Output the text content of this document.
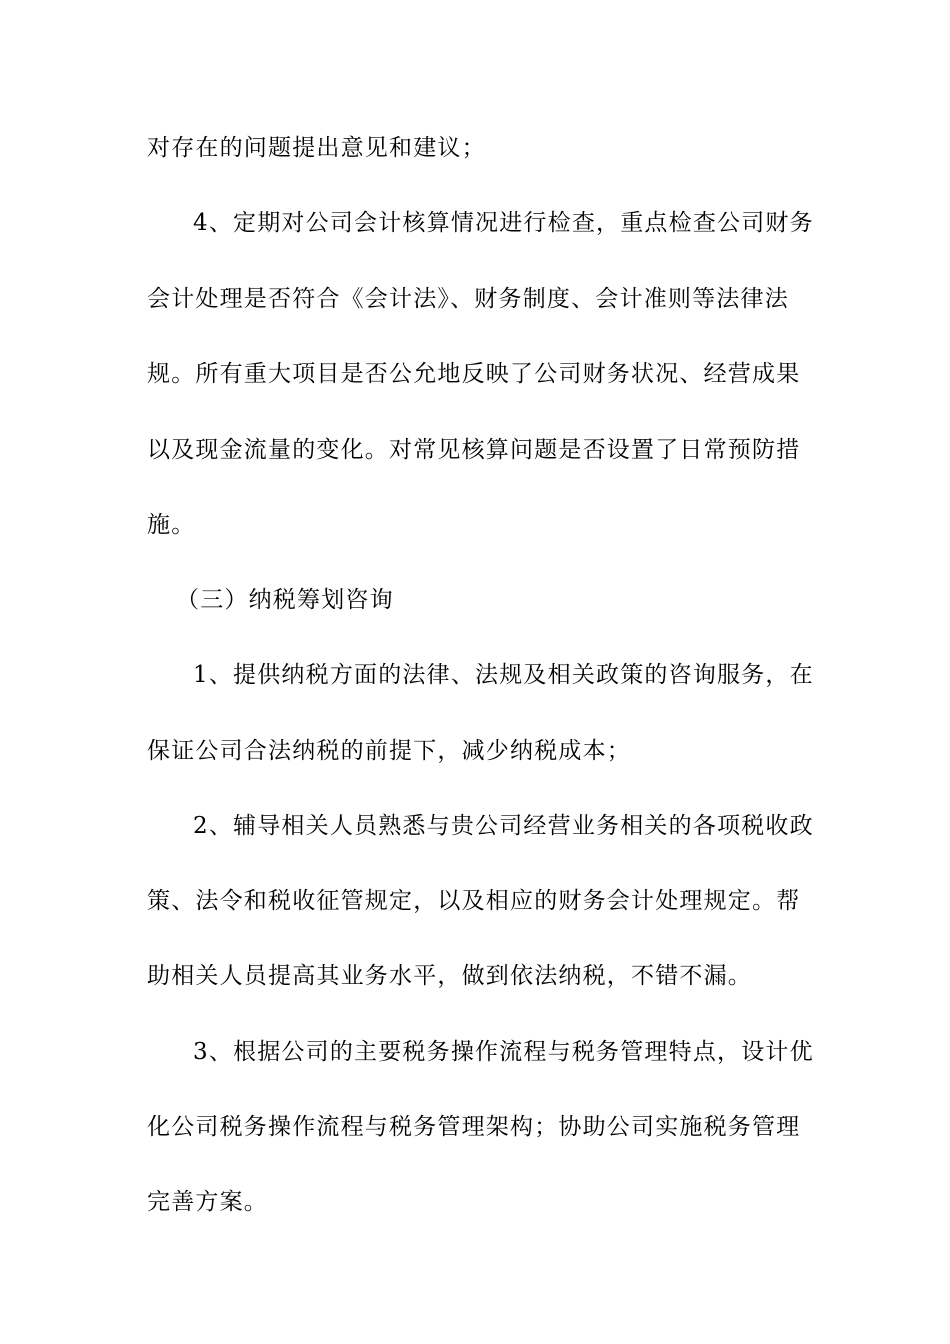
对存在的问题提出意见和建议；
4、定期对公司会计核算情况进行检查，重点检查公司财务
会计处理是否符合《会计法》、财务制度、会计准则等法律法
规。所有重大项目是否公允地反映了公司财务状况、经营成果
以及现金流量的变化。对常见核算问题是否设置了日常预防措
施。
（三）纳税筹划咨询
1、提供纳税方面的法律、法规及相关政策的咨询服务，在
保证公司合法纳税的前提下，减少纳税成本；
2、辅导相关人员熟悉与贵公司经营业务相关的各项税收政
策、法令和税收征管规定，以及相应的财务会计处理规定。帮
助相关人员提高其业务水平，做到依法纳税，不错不漏。
3、根据公司的主要税务操作流程与税务管理特点，设计优
化公司税务操作流程与税务管理架构；协助公司实施税务管理
完善方案。
